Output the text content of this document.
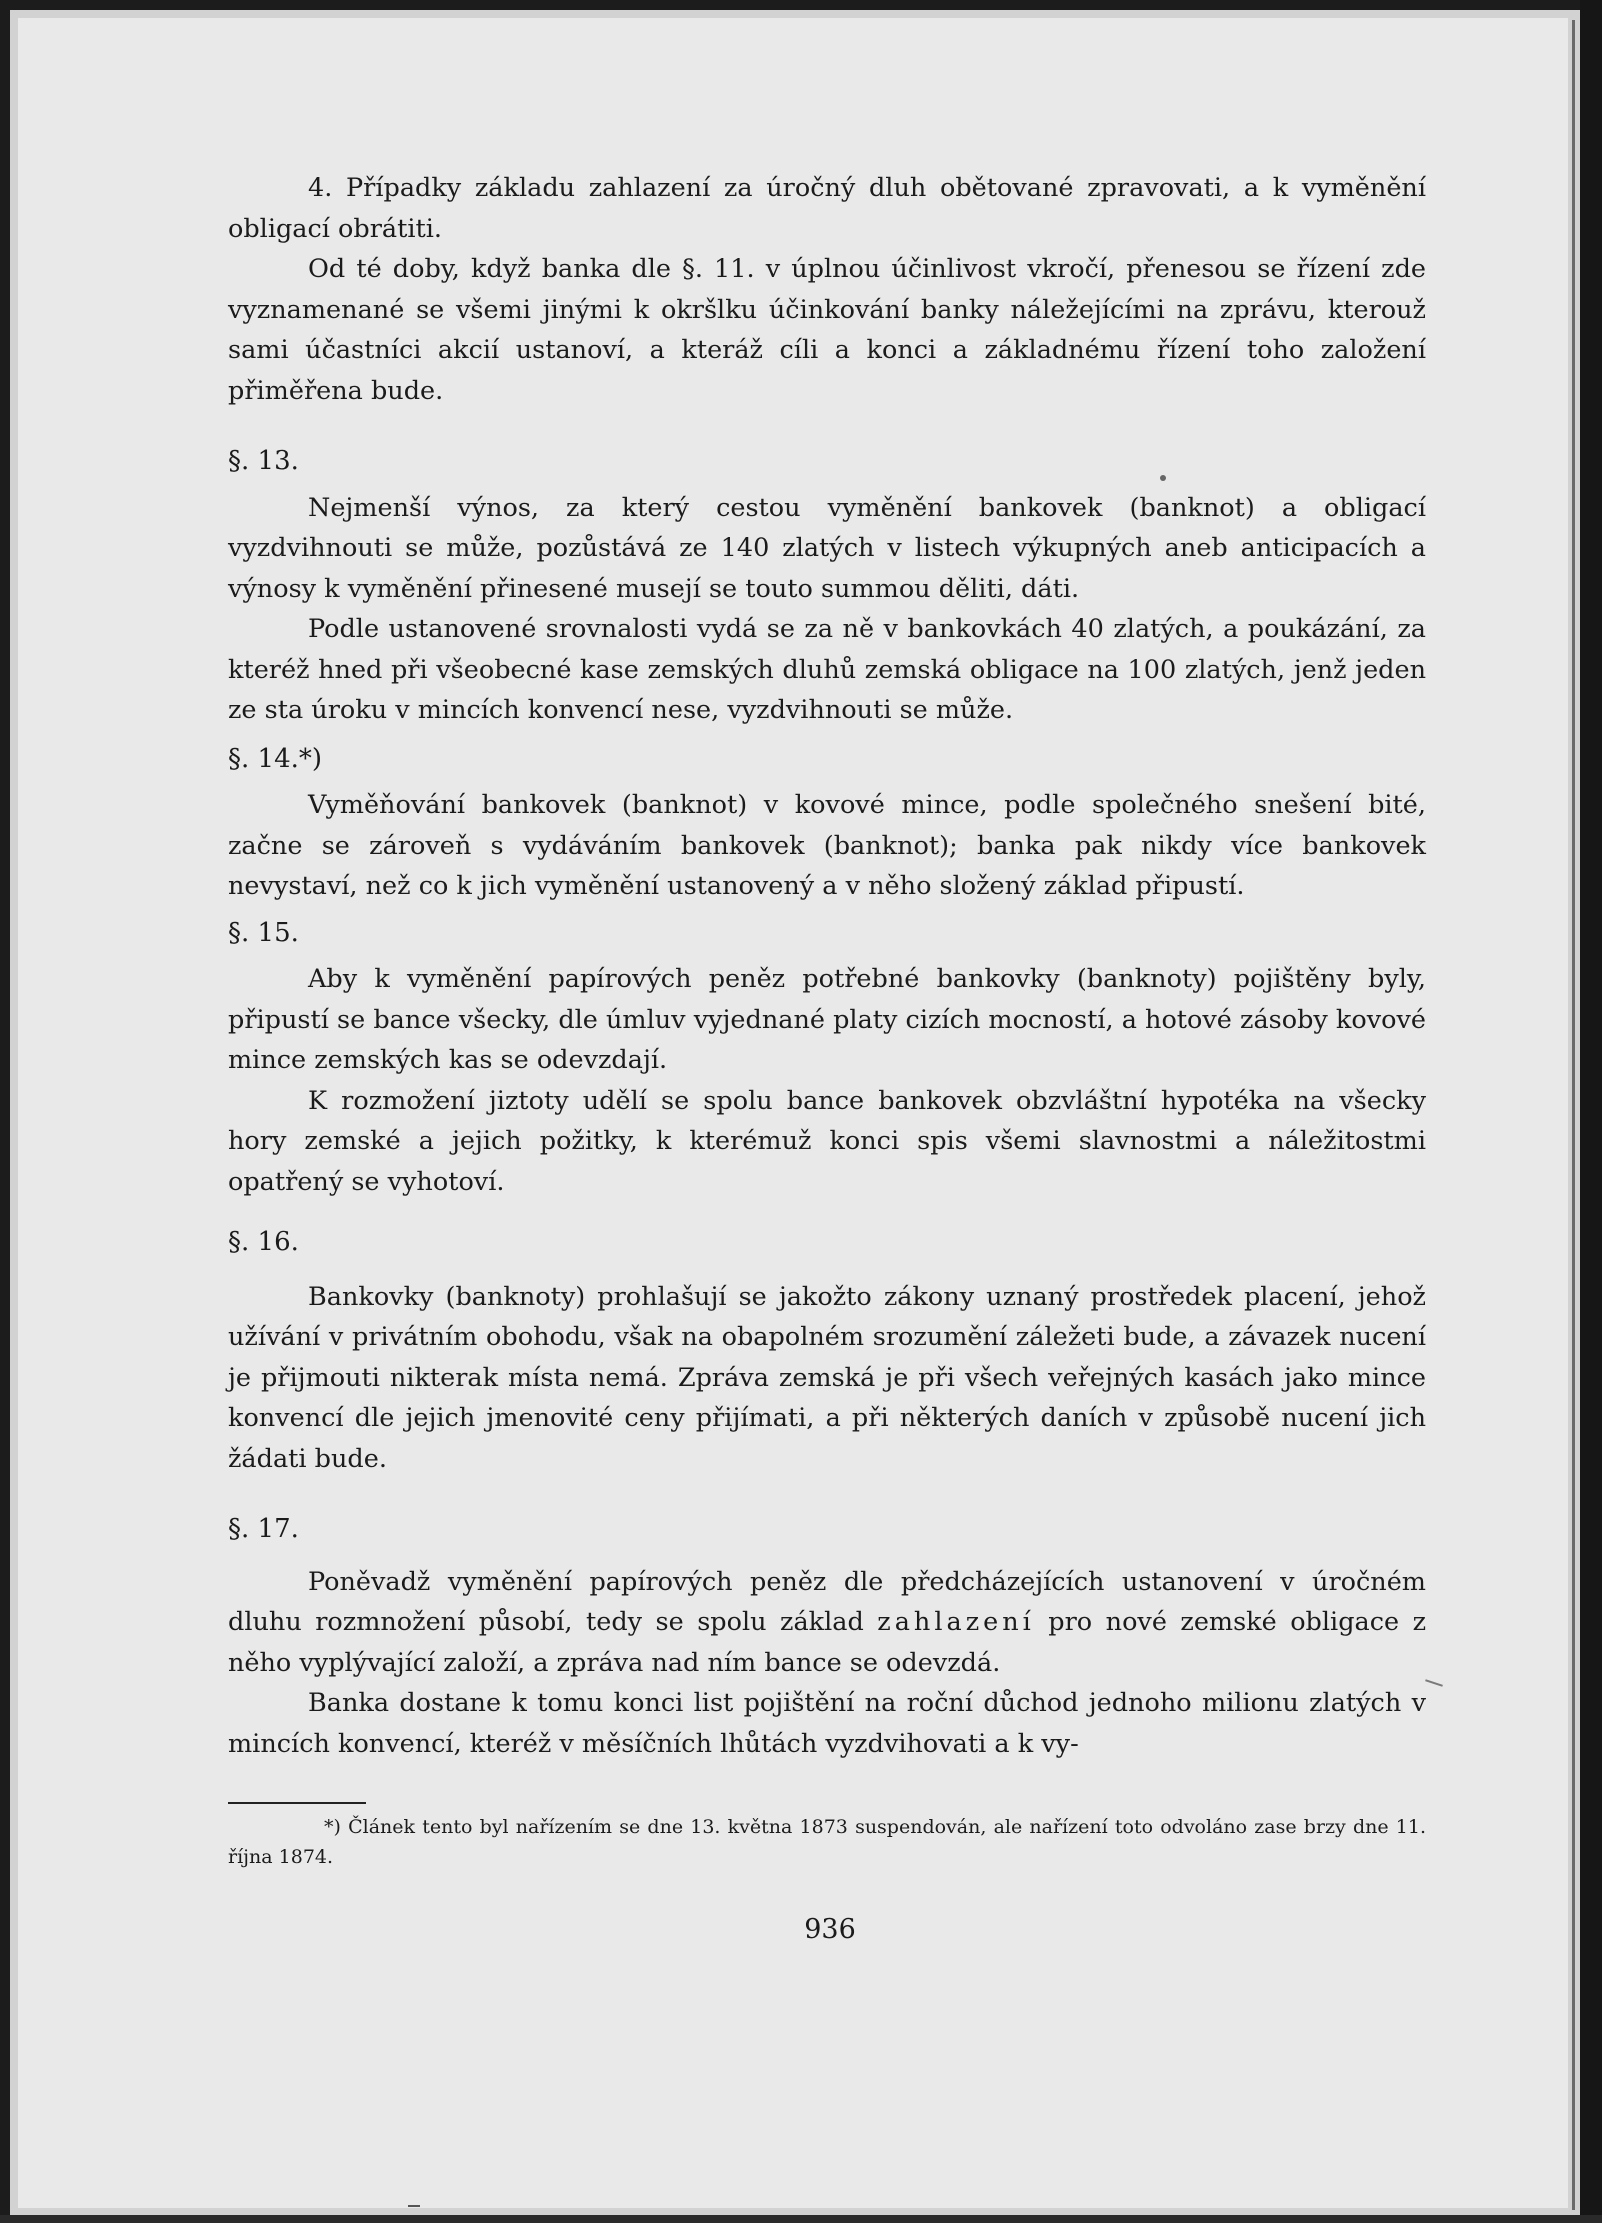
4. Případky základu zahlazení za úročný dluh obětované zpravovati, a k vyměnění obligací obrátiti.

Od té doby, když banka dle §. 11. v úplnou účinlivost vkročí, přenesou se řízení zde vyznamenané se všemi jinými k okršlku účinkování banky náležejícími na zprávu, kterouž sami účastníci akcií ustanoví, a kteráž cíli a konci a základnému řízení toho založení přiměřena bude.

§. 13.

Nejmenší výnos, za který cestou vyměnění bankovek (banknot) a obligací vyzdvihnouti se může, pozůstává ze 140 zlatých v listech výkupných aneb anticipacích a výnosy k vyměnění přinesené musejí se touto summou děliti, dáti.

Podle ustanovené srovnalosti vydá se za ně v bankovkách 40 zlatých, a poukázání, za kteréž hned při všeobecné kase zemských dluhů zemská obligace na 100 zlatých, jenž jeden ze sta úroku v mincích konvencí nese, vyzdvihnouti se může.

§. 14.*)

Vyměňování bankovek (banknot) v kovové mince, podle společného snešení bité, začne se zároveň s vydáváním bankovek (banknot); banka pak nikdy více bankovek nevystaví, než co k jich vyměnění ustanovený a v něho složený základ připustí.

§. 15.

Aby k vyměnění papírových peněz potřebné bankovky (banknoty) pojištěny byly, připustí se bance všecky, dle úmluv vyjednané platy cizích mocností, a hotové zásoby kovové mince zemských kas se odevzdají.

K rozmožení jiztoty udělí se spolu bance bankovek obzvláštní hypotéka na všecky hory zemské a jejich požitky, k kterémuž konci spis všemi slavnostmi a náležitostmi opatřený se vyhotoví.

§. 16.

Bankovky (banknoty) prohlašují se jakožto zákony uznaný prostředek placení, jehož užívání v privátním obohodu, však na obapolném srozumění záležeti bude, a závazek nucení je přijmouti nikterak místa nemá. Zpráva zemská je při všech veřejných kasách jako mince konvencí dle jejich jmenovité ceny přijímati, a při některých daních v způsobě nucení jich žádati bude.

§. 17.

Poněvadž vyměnění papírových peněz dle předcházejících ustanovení v úročném dluhu rozmnožení působí, tedy se spolu základ zahlazení pro nové zemské obligace z něho vyplývající založí, a zpráva nad ním bance se odevzdá.

Banka dostane k tomu konci list pojištění na roční důchod jednoho milionu zlatých v mincích konvencí, kteréž v měsíčních lhůtách vyzdvihovati a k vy-

*) Článek tento byl nařízením se dne 13. května 1873 suspendován, ale nařízení toto odvoláno zase brzy dne 11. října 1874.

936
